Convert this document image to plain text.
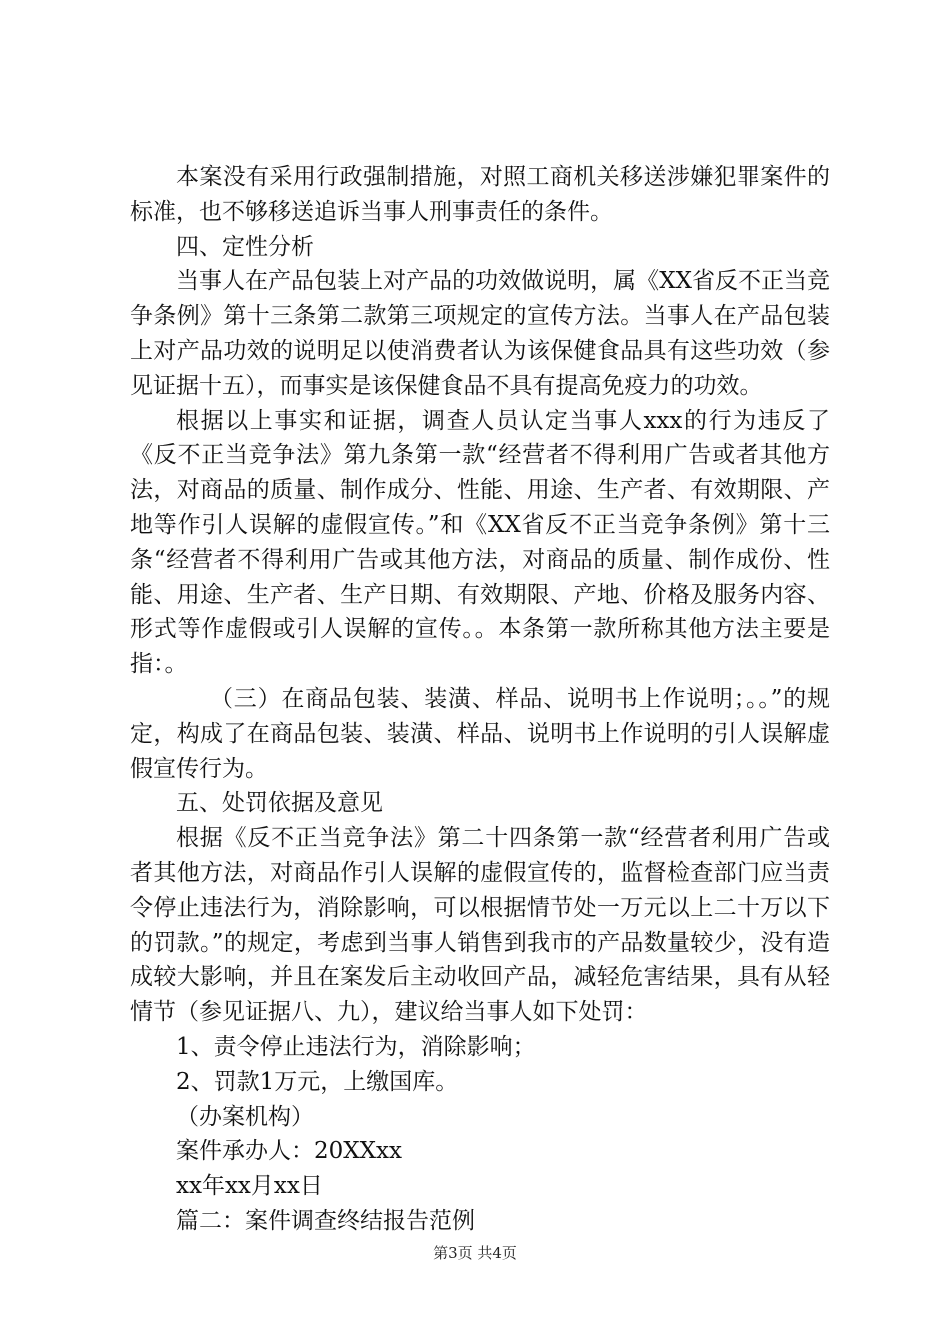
本案没有采用行政强制措施，对照工商机关移送涉嫌犯罪案件的标准，也不够移送追诉当事人刑事责任的条件。

四、定性分析

当事人在产品包装上对产品的功效做说明，属《XX省反不正当竞争条例》第十三条第二款第三项规定的宣传方法。当事人在产品包装上对产品功效的说明足以使消费者认为该保健食品具有这些功效（参见证据十五），而事实是该保健食品不具有提高免疫力的功效。

根据以上事实和证据，调查人员认定当事人xxx的行为违反了《反不正当竞争法》第九条第一款“经营者不得利用广告或者其他方法，对商品的质量、制作成分、性能、用途、生产者、有效期限、产地等作引人误解的虚假宣传。”和《XX省反不正当竞争条例》第十三条“经营者不得利用广告或其他方法，对商品的质量、制作成份、性能、用途、生产者、生产日期、有效期限、产地、价格及服务内容、形式等作虚假或引人误解的宣传。。本条第一款所称其他方法主要是指：。

（三）在商品包装、装潢、样品、说明书上作说明；。。”的规定，构成了在商品包装、装潢、样品、说明书上作说明的引人误解虚假宣传行为。

五、处罚依据及意见

根据《反不正当竞争法》第二十四条第一款“经营者利用广告或者其他方法，对商品作引人误解的虚假宣传的，监督检查部门应当责令停止违法行为，消除影响，可以根据情节处一万元以上二十万以下的罚款。”的规定，考虑到当事人销售到我市的产品数量较少，没有造成较大影响，并且在案发后主动收回产品，减轻危害结果，具有从轻情节（参见证据八、九），建议给当事人如下处罚：

1、责令停止违法行为，消除影响；

2、罚款1万元，上缴国库。

（办案机构）

案件承办人：20XXxx

xx年xx月xx日

篇二：案件调查终结报告范例

第3页 共4页
